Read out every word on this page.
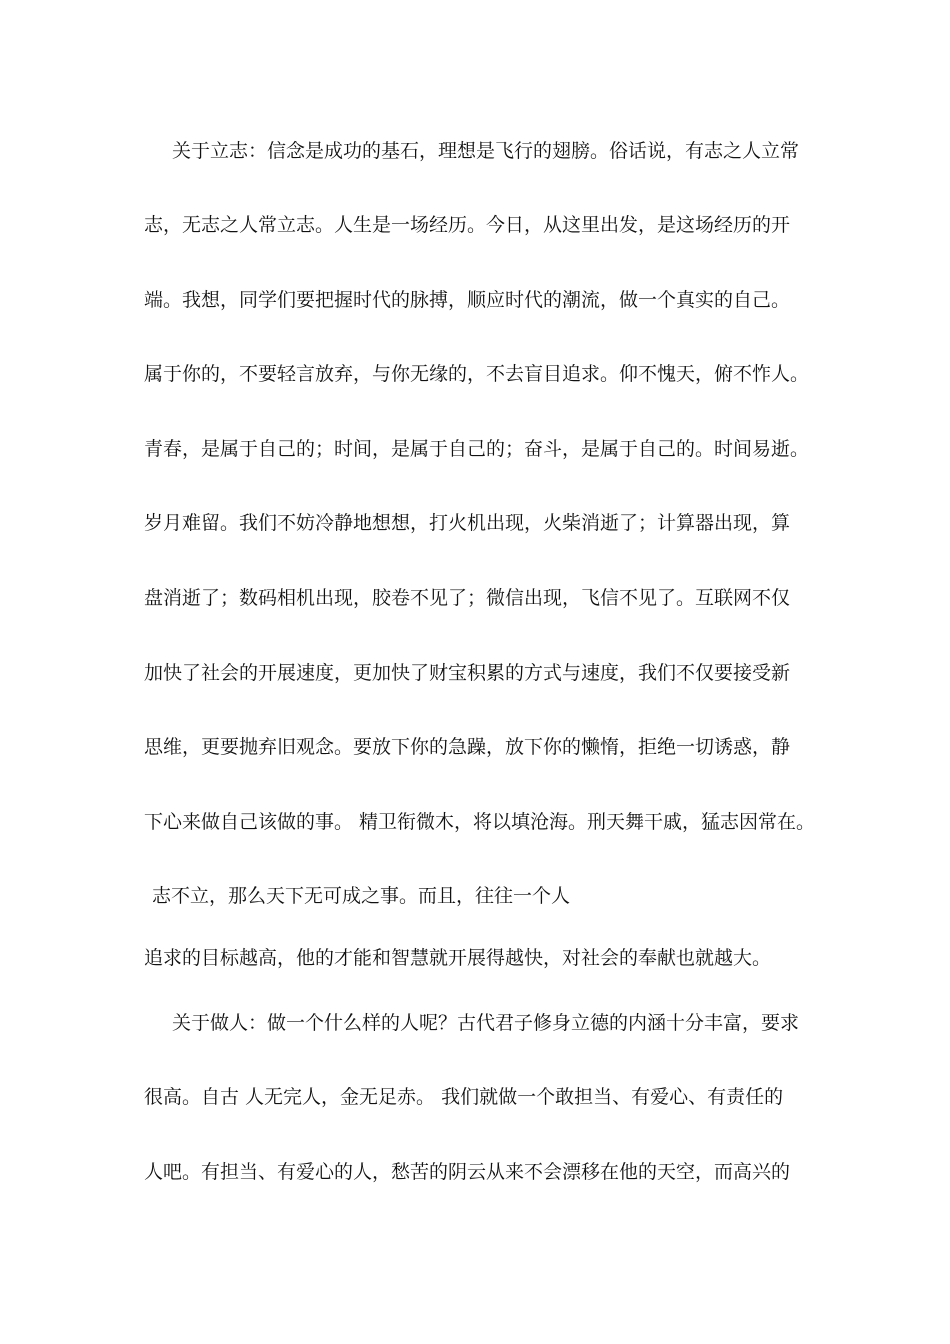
关于立志：信念是成功的基石，理想是飞行的翅膀。俗话说，有志之人立常
志，无志之人常立志。人生是一场经历。今日，从这里出发，是这场经历的开
端。我想，同学们要把握时代的脉搏，顺应时代的潮流，做一个真实的自己。
属于你的，不要轻言放弃，与你无缘的，不去盲目追求。仰不愧天，俯不怍人。
青春，是属于自己的；时间，是属于自己的；奋斗，是属于自己的。时间易逝。
岁月难留。我们不妨冷静地想想，打火机出现，火柴消逝了；计算器出现，算
盘消逝了；数码相机出现，胶卷不见了；微信出现，飞信不见了。互联网不仅
加快了社会的开展速度，更加快了财宝积累的方式与速度，我们不仅要接受新
思维，更要抛弃旧观念。要放下你的急躁，放下你的懒惰，拒绝一切诱惑，静
下心来做自己该做的事。 精卫衔微木，将以填沧海。刑天舞干戚，猛志因常在。
志不立，那么天下无可成之事。而且，往往一个人
追求的目标越高，他的才能和智慧就开展得越快，对社会的奉献也就越大。
关于做人：做一个什么样的人呢？古代君子修身立德的内涵十分丰富，要求
很高。自古 人无完人，金无足赤。 我们就做一个敢担当、有爱心、有责任的
人吧。有担当、有爱心的人，愁苦的阴云从来不会漂移在他的天空，而高兴的
